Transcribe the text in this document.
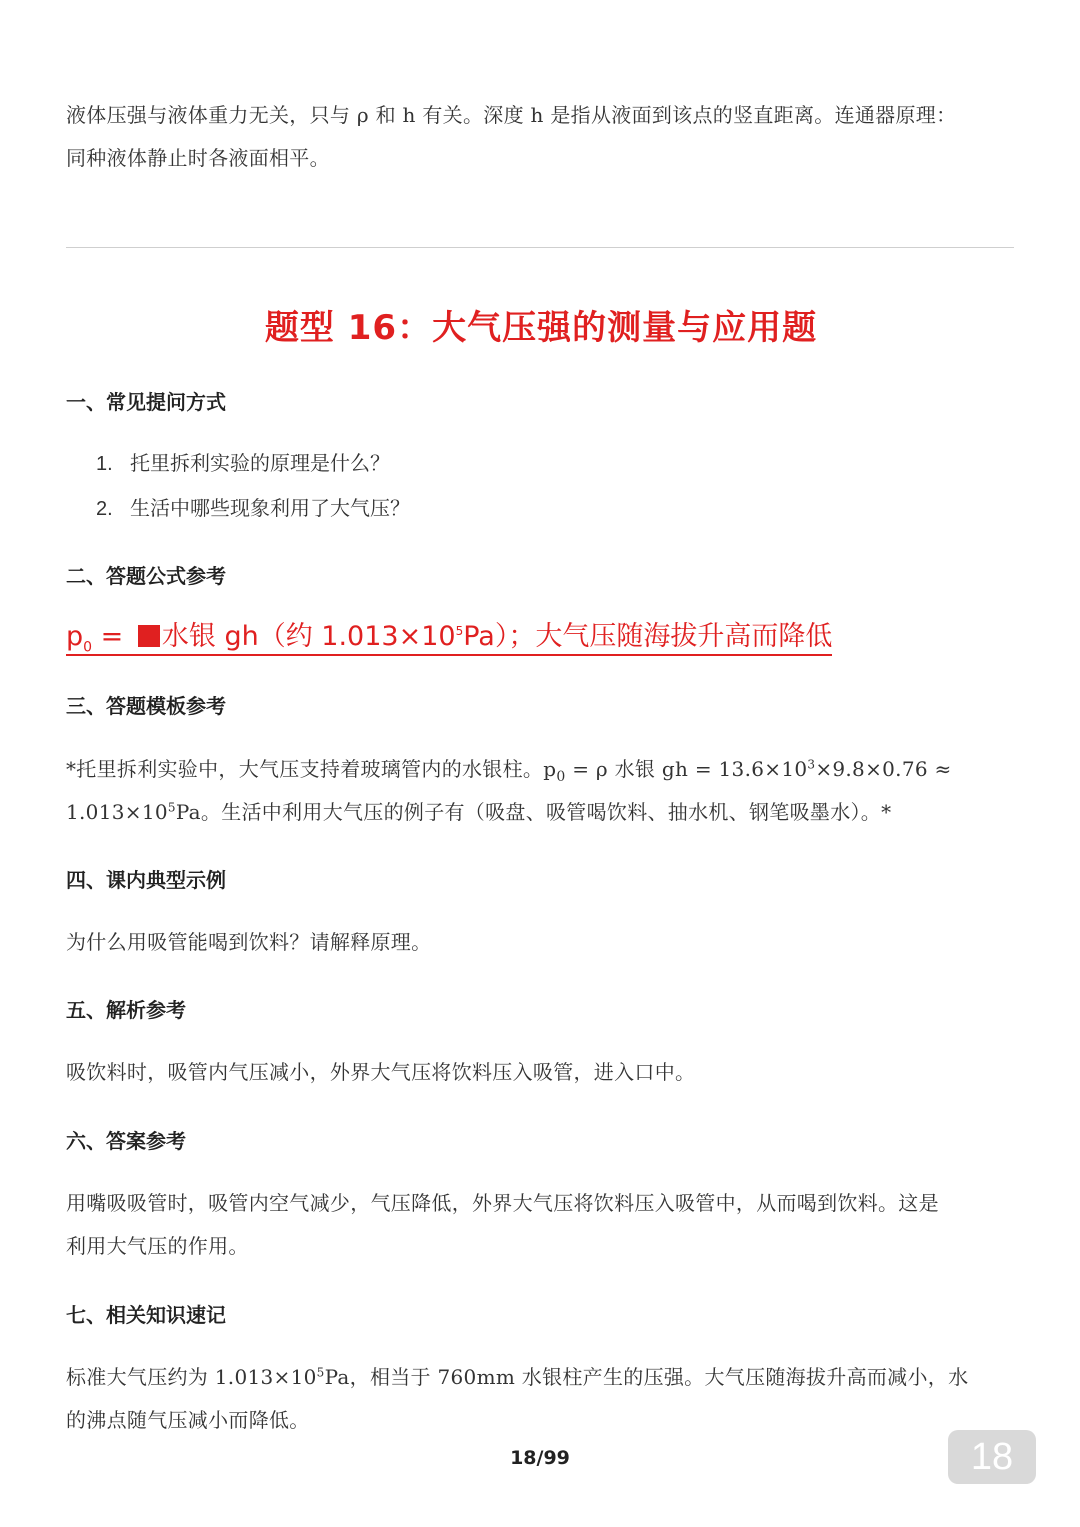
液体压强与液体重力无关，只与 ρ 和 h 有关。深度 h 是指从液面到该点的竖直距离。连通器原理：

同种液体静止时各液面相平。

题型 16：大气压强的测量与应用题
一、常见提问方式
1. 托里拆利实验的原理是什么？
2. 生活中哪些现象利用了大气压？
二、答题公式参考
$p_0$ = 水银 gh（约 $1.013\times 10^5Pa$）；大气压随海拔升高而降低
三、答题模板参考

*托里拆利实验中，大气压支持着玻璃管内的水银柱。$p_0 = \rho$ 水银 gh = $13.6\times 10^3\times 9.8\times 0.76$ ≈

$1.013\times 10^5Pa$。生活中利用大气压的例子有（吸盘、吸管喝饮料、抽水机、钢笔吸墨水）。*

四、课内典型示例

为什么用吸管能喝到饮料？请解释原理。

五、解析参考

吸饮料时，吸管内气压减小，外界大气压将饮料压入吸管，进入口中。

六、答案参考

用嘴吸吸管时，吸管内空气减少，气压降低，外界大气压将饮料压入吸管中，从而喝到饮料。这是

利用大气压的作用。

七、相关知识速记

标准大气压约为 $1.013\times 10^5Pa$，相当于 760mm 水银柱产生的压强。大气压随海拔升高而减小，水

的沸点随气压减小而降低。

18/99	18
